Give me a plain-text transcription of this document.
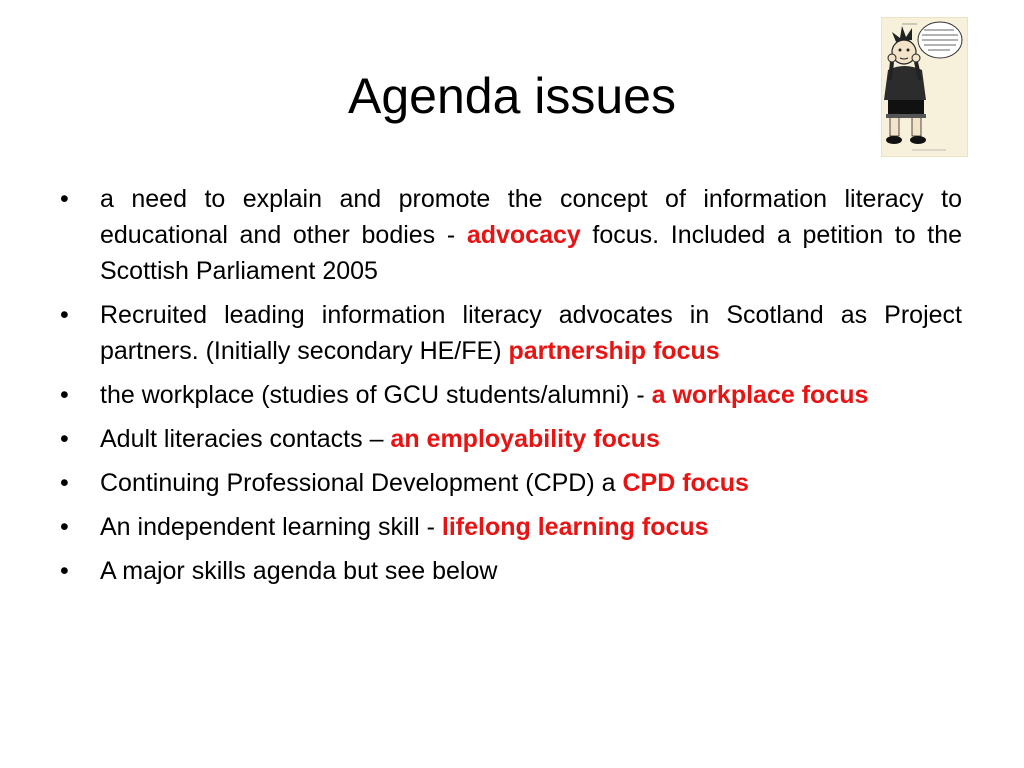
Agenda issues
•	a need to explain and promote the concept of information literacy to educational and other bodies - advocacy focus. Included a petition to the Scottish Parliament 2005
•	Recruited leading information literacy advocates in Scotland as Project partners. (Initially secondary HE/FE) partnership focus
•	the workplace (studies of GCU students/alumni) - a workplace focus
•	Adult literacies contacts – an employability focus
•	Continuing Professional Development (CPD) a CPD focus
•	An independent learning skill - lifelong learning focus
•	A major skills agenda but see below
